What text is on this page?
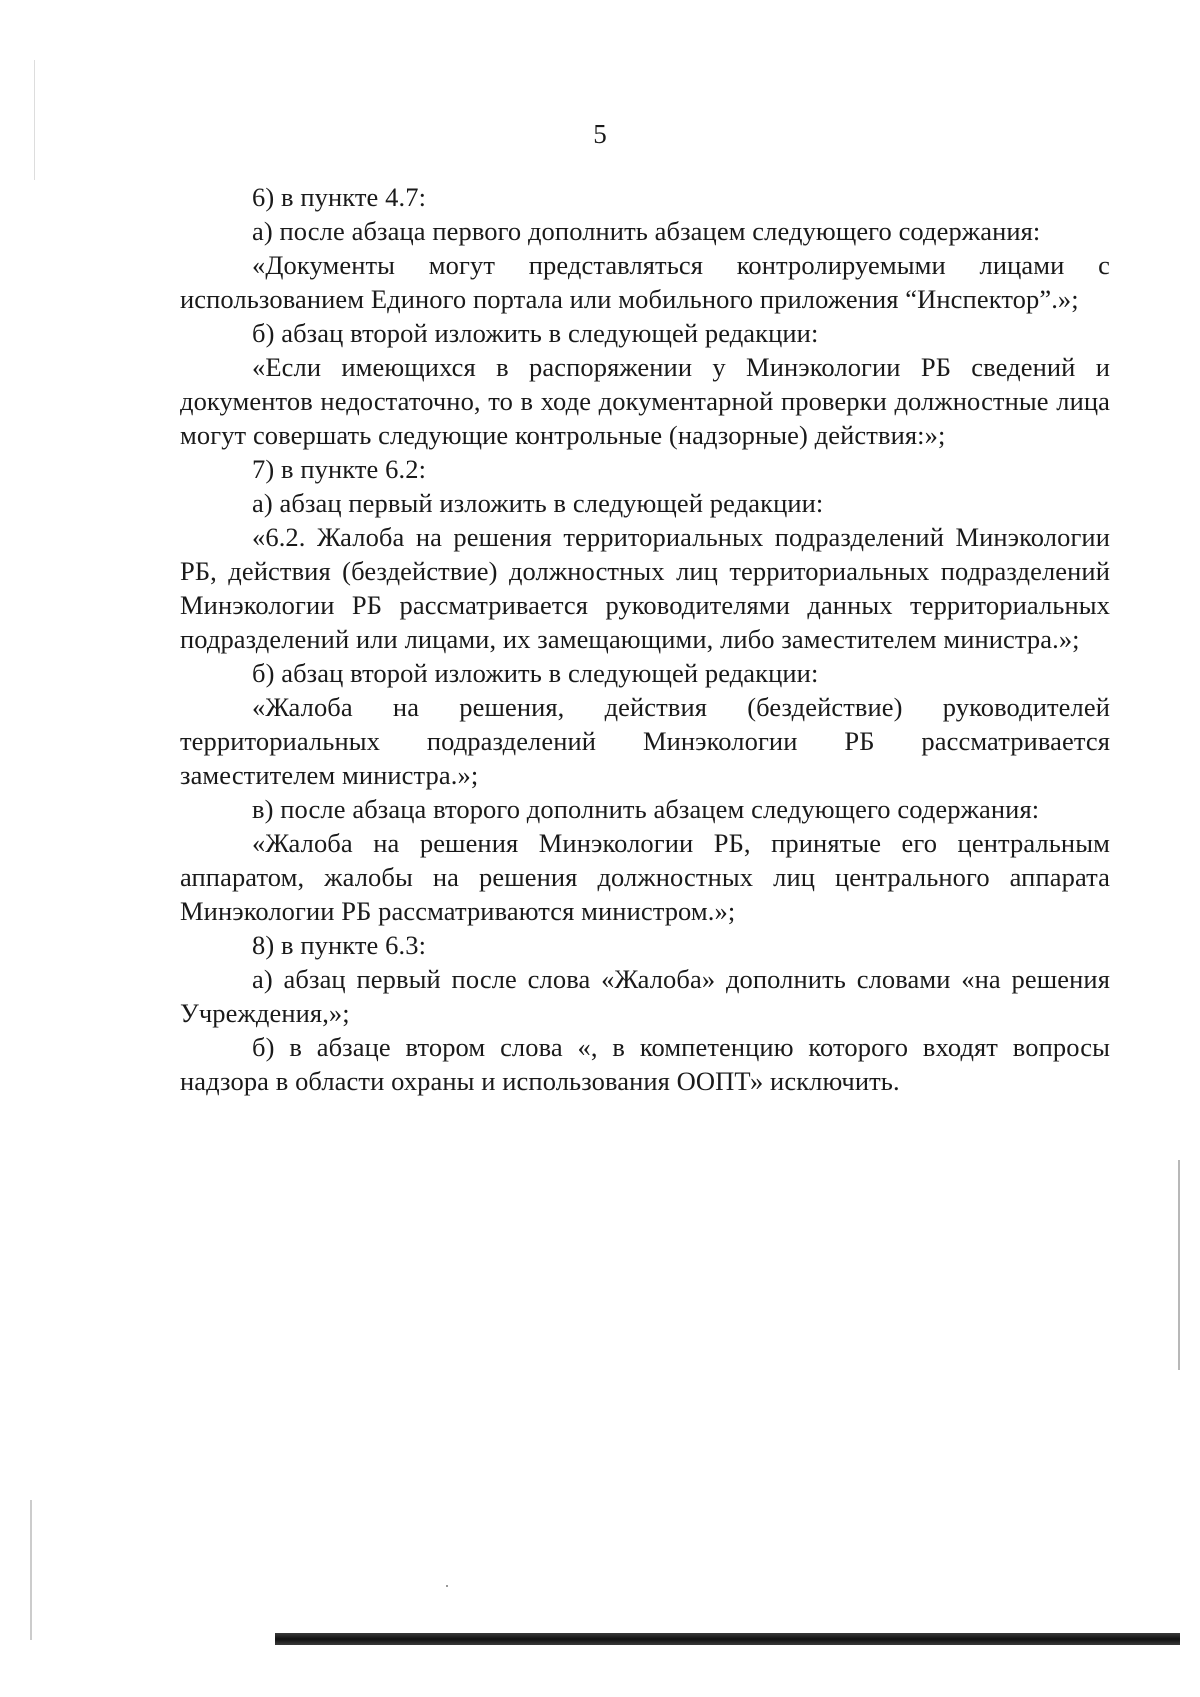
5

6) в пункте 4.7:

а) после абзаца первого дополнить абзацем следующего содержания:

«Документы могут представляться контролируемыми лицами с использованием Единого портала или мобильного приложения “Инспектор”.»;

б) абзац второй изложить в следующей редакции:

«Если имеющихся в распоряжении у Минэкологии РБ сведений и документов недостаточно, то в ходе документарной проверки должностные лица могут совершать следующие контрольные (надзорные) действия:»;

7) в пункте 6.2:

а) абзац первый изложить в следующей редакции:

«6.2. Жалоба на решения территориальных подразделений Минэкологии РБ, действия (бездействие) должностных лиц территориальных подразделений Минэкологии РБ рассматривается руководителями данных территориальных подразделений или лицами, их замещающими, либо заместителем министра.»;

б) абзац второй изложить в следующей редакции:

«Жалоба на решения, действия (бездействие) руководителей территориальных подразделений Минэкологии РБ рассматривается заместителем министра.»;

в) после абзаца второго дополнить абзацем следующего содержания:

«Жалоба на решения Минэкологии РБ, принятые его центральным аппаратом, жалобы на решения должностных лиц центрального аппарата Минэкологии РБ рассматриваются министром.»;

8) в пункте 6.3:

а) абзац первый после слова «Жалоба» дополнить словами «на решения Учреждения,»;

б) в абзаце втором слова «, в компетенцию которого входят вопросы надзора в области охраны и использования ООПТ» исключить.
